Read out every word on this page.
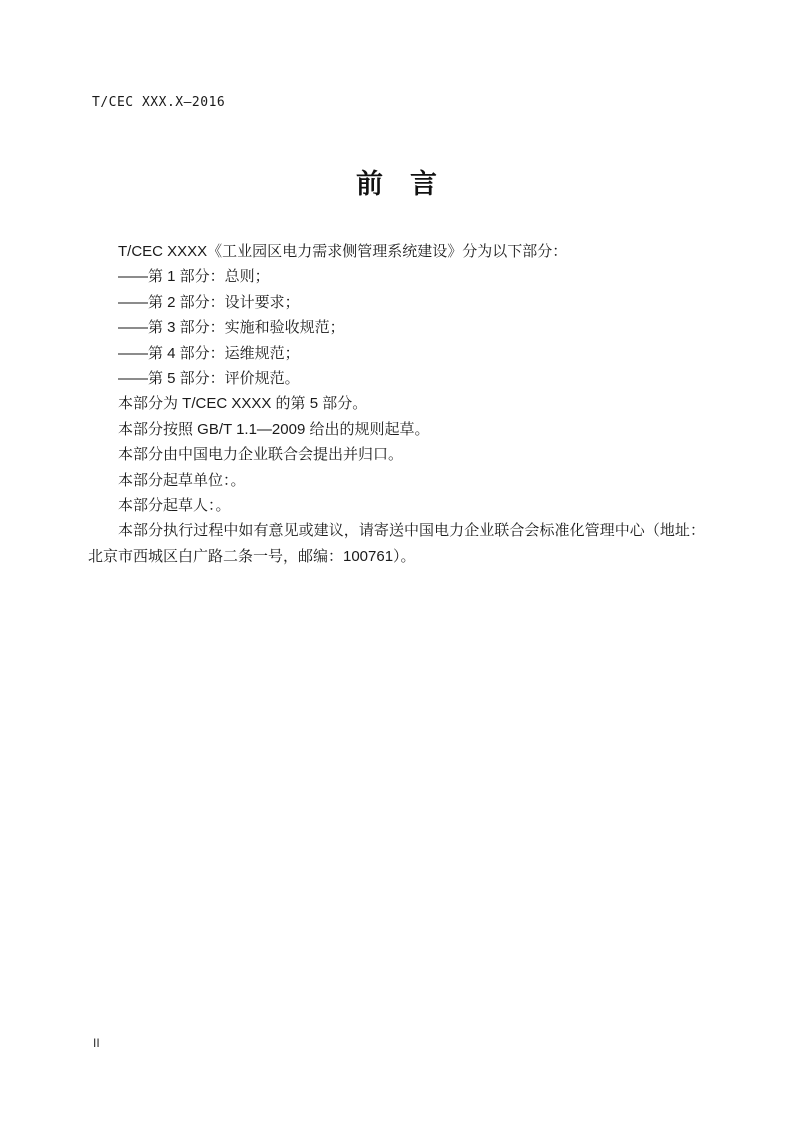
T/CEC XXX.X—2016
前　言

T/CEC XXXX《工业园区电力需求侧管理系统建设》分为以下部分：

——第 1 部分：总则；

——第 2 部分：设计要求；

——第 3 部分：实施和验收规范；

——第 4 部分：运维规范；

——第 5 部分：评价规范。

本部分为 T/CEC XXXX 的第 5 部分。

本部分按照 GB/T 1.1—2009 给出的规则起草。

本部分由中国电力企业联合会提出并归口。

本部分起草单位：。

本部分起草人：。

本部分执行过程中如有意见或建议，请寄送中国电力企业联合会标准化管理中心（地址：北京市西城区白广路二条一号，邮编：100761）。

II
